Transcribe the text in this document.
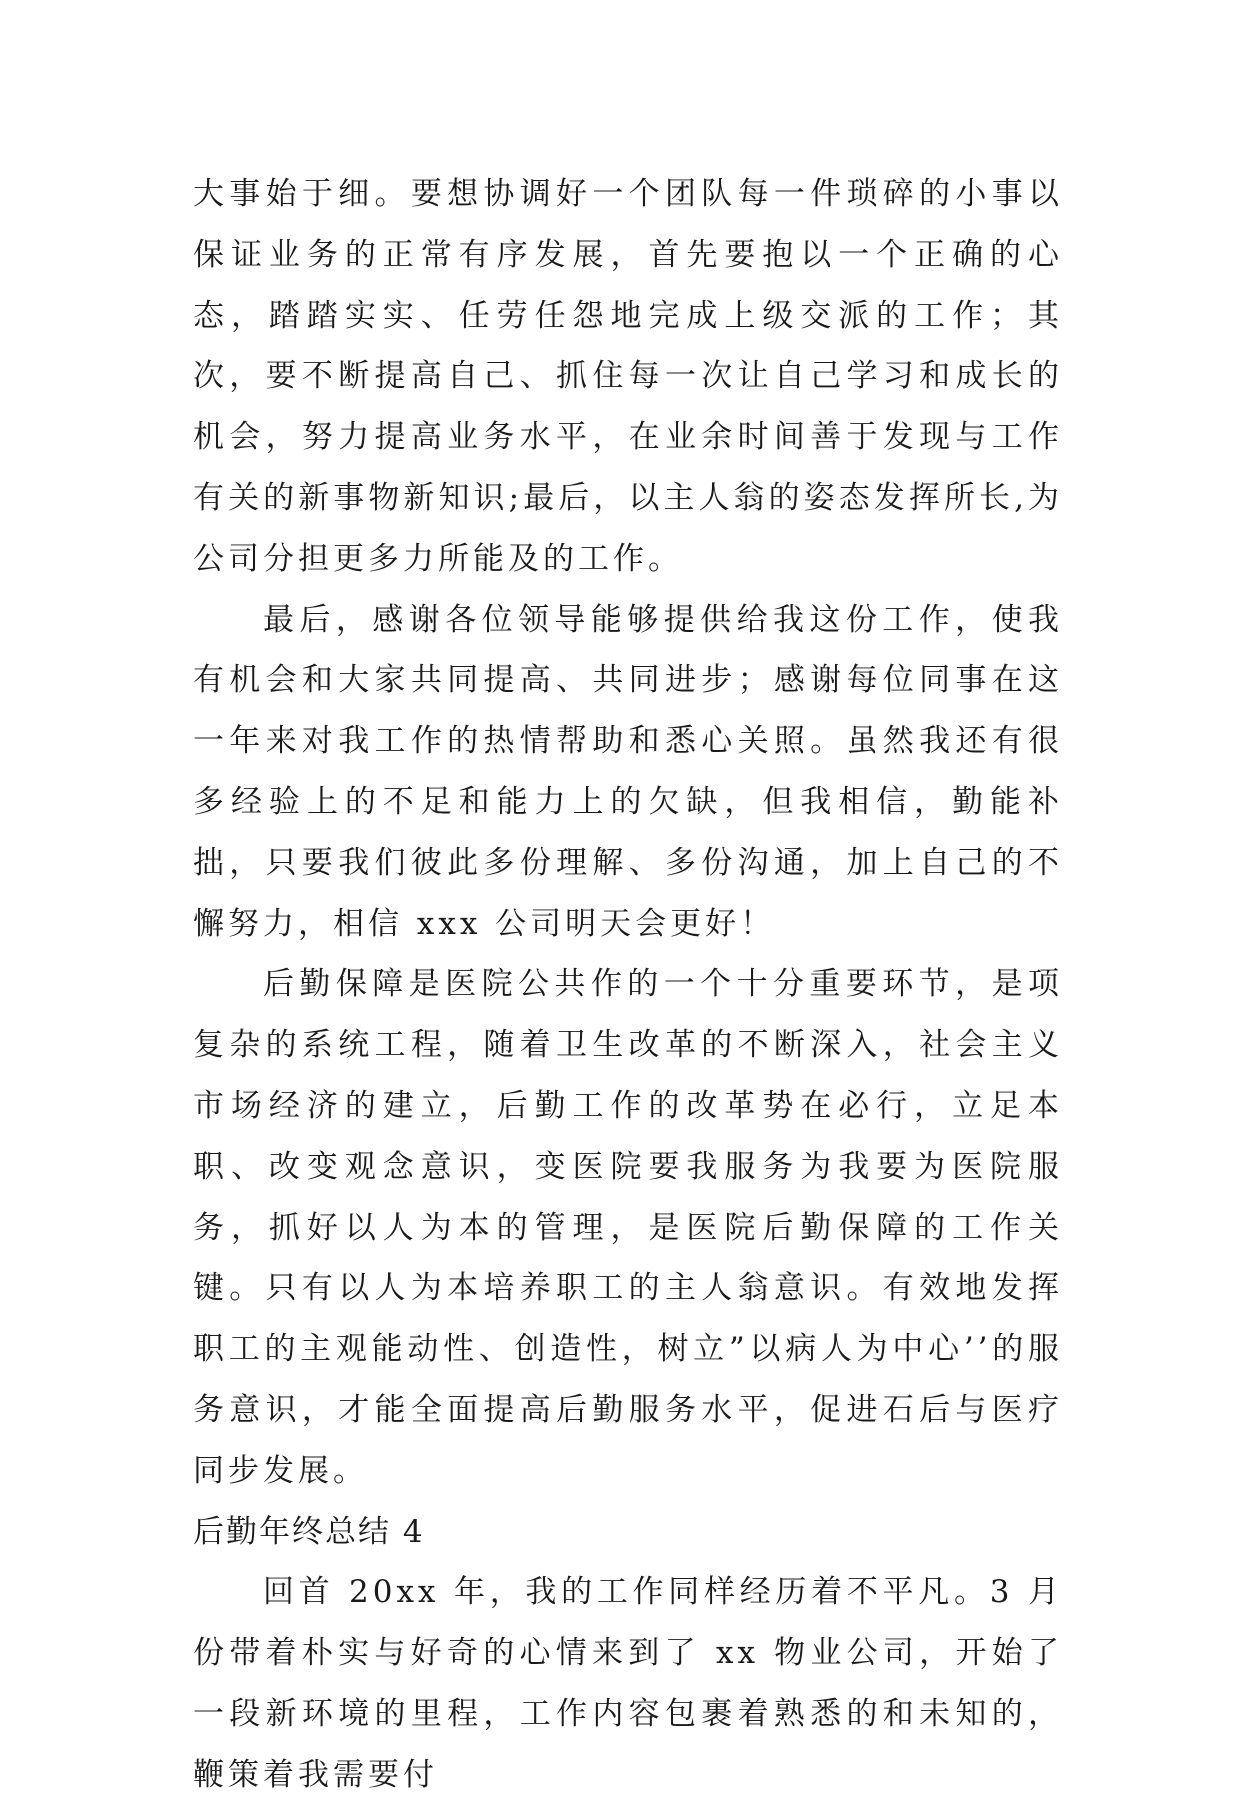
大事始于细。要想协调好一个团队每一件琐碎的小事以保证业务的正常有序发展，首先要抱以一个正确的心态，踏踏实实、任劳任怨地完成上级交派的工作；其次，要不断提高自己、抓住每一次让自己学习和成长的机会，努力提高业务水平，在业余时间善于发现与工作有关的新事物新知识;最后，以主人翁的姿态发挥所长,为公司分担更多力所能及的工作。

最后，感谢各位领导能够提供给我这份工作，使我有机会和大家共同提高、共同进步；感谢每位同事在这一年来对我工作的热情帮助和悉心关照。虽然我还有很多经验上的不足和能力上的欠缺，但我相信，勤能补拙，只要我们彼此多份理解、多份沟通，加上自己的不懈努力，相信 xxx 公司明天会更好！

后勤保障是医院公共作的一个十分重要环节，是项复杂的系统工程，随着卫生改革的不断深入，社会主义市场经济的建立，后勤工作的改革势在必行，立足本职、改变观念意识，变医院要我服务为我要为医院服务，抓好以人为本的管理，是医院后勤保障的工作关键。只有以人为本培养职工的主人翁意识。有效地发挥职工的主观能动性、创造性，树立”以病人为中心’’的服务意识，才能全面提高后勤服务水平，促进石后与医疗同步发展。

后勤年终总结 4

回首 20xx 年，我的工作同样经历着不平凡。3 月份带着朴实与好奇的心情来到了 xx 物业公司，开始了一段新环境的里程，工作内容包裹着熟悉的和未知的，鞭策着我需要付
